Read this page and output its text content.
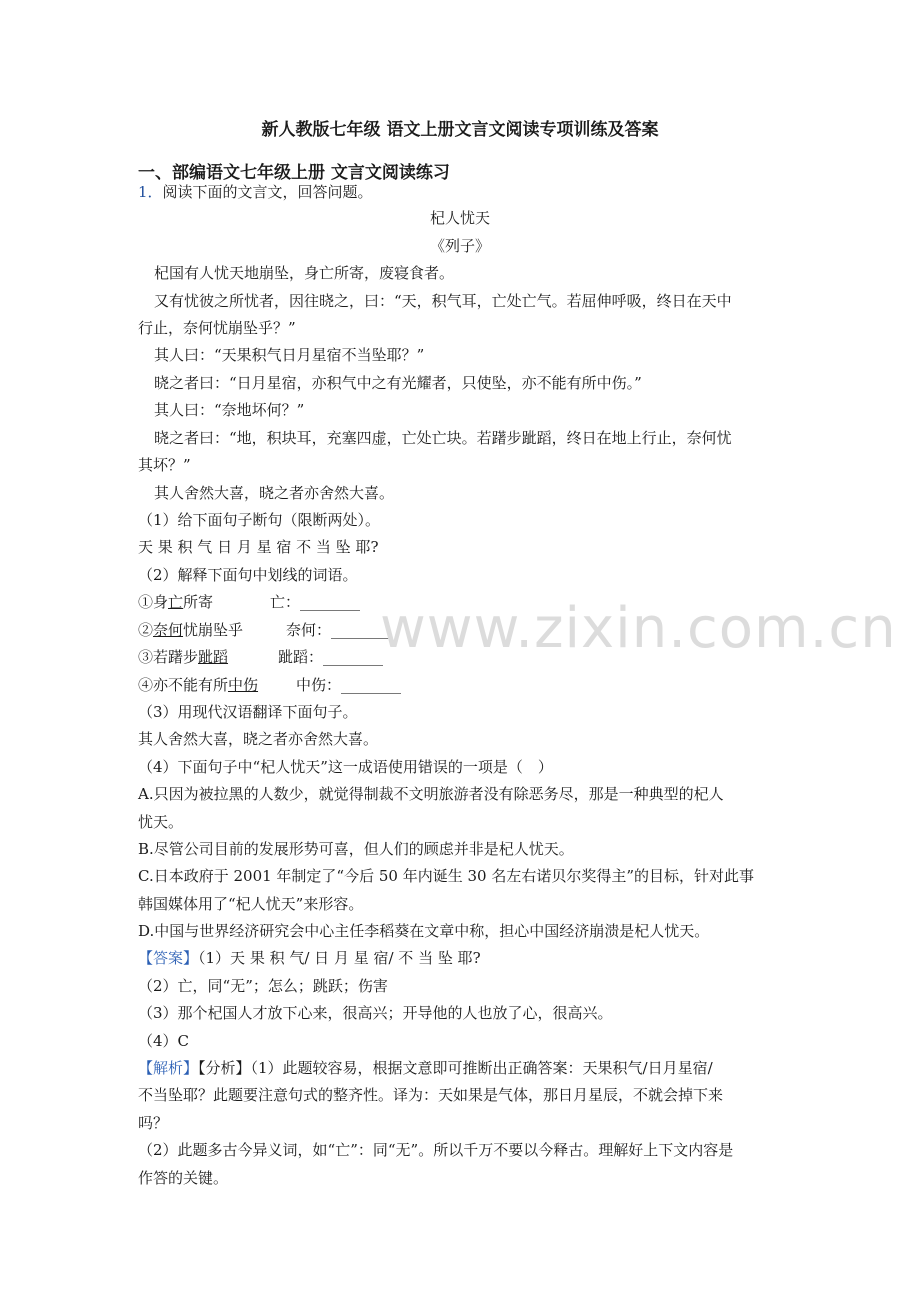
新人教版七年级 语文上册文言文阅读专项训练及答案
一、部编语文七年级上册 文言文阅读练习
1．阅读下面的文言文，回答问题。
杞人忧天
《列子》
杞国有人忧天地崩坠，身亡所寄，废寝食者。
又有忧彼之所忧者，因往晓之，曰：“天，积气耳，亡处亡气。若屈伸呼吸，终日在天中
行止，奈何忧崩坠乎？”
其人曰：“天果积气日月星宿不当坠耶？”
晓之者曰：“日月星宿，亦积气中之有光耀者，只使坠，亦不能有所中伤。”
其人曰：“奈地坏何？”
晓之者曰：“地，积块耳，充塞四虚，亡处亡块。若躇步跐蹈，终日在地上行止，奈何忧
其坏？”
其人舍然大喜，晓之者亦舍然大喜。
（1）给下面句子断句（限断两处）。
天 果 积 气 日 月 星 宿 不 当 坠 耶?
（2）解释下面句中划线的词语。
①身亡所寄	亡：________
②奈何忧崩坠乎	奈何：________
③若躇步跐蹈	跐蹈：________
④亦不能有所中伤	中伤：________
（3）用现代汉语翻译下面句子。
其人舍然大喜，晓之者亦舍然大喜。
（4）下面句子中“杞人忧天”这一成语使用错误的一项是（　）
A.只因为被拉黑的人数少，就觉得制裁不文明旅游者没有除恶务尽，那是一种典型的杞人
忧天。
B.尽管公司目前的发展形势可喜，但人们的顾虑并非是杞人忧天。
C.日本政府于 2001 年制定了“今后 50 年内诞生 30 名左右诺贝尔奖得主”的目标，针对此事
韩国媒体用了“杞人忧天”来形容。
D.中国与世界经济研究会中心主任李稻葵在文章中称，担心中国经济崩溃是杞人忧天。
【答案】（1）天 果 积 气/ 日 月 星 宿/ 不 当 坠 耶?
（2）亡，同“无”；怎么；跳跃；伤害
（3）那个杞国人才放下心来，很高兴；开导他的人也放了心，很高兴。
（4）C
【解析】【分析】（1）此题较容易，根据文意即可推断出正确答案：天果积气/日月星宿/
不当坠耶？此题要注意句式的整齐性。译为：天如果是气体，那日月星辰，不就会掉下来
吗？
（2）此题多古今异义词，如“亡”：同“无”。所以千万不要以今释古。理解好上下文内容是
作答的关键。
www.zixin.com.cn
